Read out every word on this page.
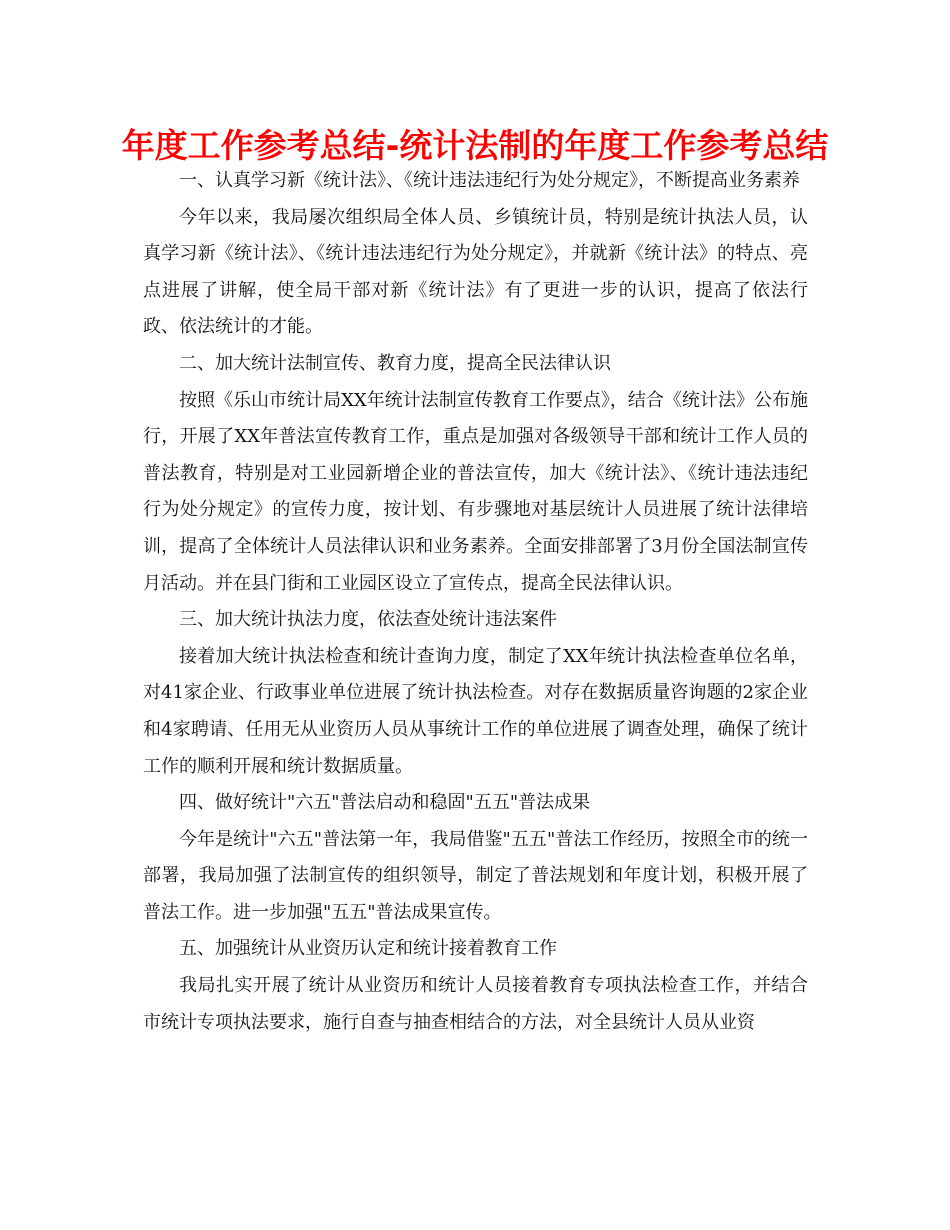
年度工作参考总结-统计法制的年度工作参考总结

一、认真学习新《统计法》、《统计违法违纪行为处分规定》，不断提高业务素养

今年以来，我局屡次组织局全体人员、乡镇统计员，特别是统计执法人员，认真学习新《统计法》、《统计违法违纪行为处分规定》，并就新《统计法》的特点、亮点进展了讲解，使全局干部对新《统计法》有了更进一步的认识，提高了依法行政、依法统计的才能。

二、加大统计法制宣传、教育力度，提高全民法律认识

按照《乐山市统计局XX年统计法制宣传教育工作要点》，结合《统计法》公布施行，开展了XX年普法宣传教育工作，重点是加强对各级领导干部和统计工作人员的普法教育，特别是对工业园新增企业的普法宣传，加大《统计法》、《统计违法违纪行为处分规定》的宣传力度，按计划、有步骤地对基层统计人员进展了统计法律培训，提高了全体统计人员法律认识和业务素养。全面安排部署了3月份全国法制宣传月活动。并在县门街和工业园区设立了宣传点，提高全民法律认识。

三、加大统计执法力度，依法查处统计违法案件

接着加大统计执法检查和统计查询力度，制定了XX年统计执法检查单位名单，对41家企业、行政事业单位进展了统计执法检查。对存在数据质量咨询题的2家企业和4家聘请、任用无从业资历人员从事统计工作的单位进展了调查处理，确保了统计工作的顺利开展和统计数据质量。

四、做好统计"六五"普法启动和稳固"五五"普法成果

今年是统计"六五"普法第一年，我局借鉴"五五"普法工作经历，按照全市的统一部署，我局加强了法制宣传的组织领导，制定了普法规划和年度计划，积极开展了普法工作。进一步加强"五五"普法成果宣传。

五、加强统计从业资历认定和统计接着教育工作

我局扎实开展了统计从业资历和统计人员接着教育专项执法检查工作，并结合市统计专项执法要求，施行自查与抽查相结合的方法，对全县统计人员从业资
